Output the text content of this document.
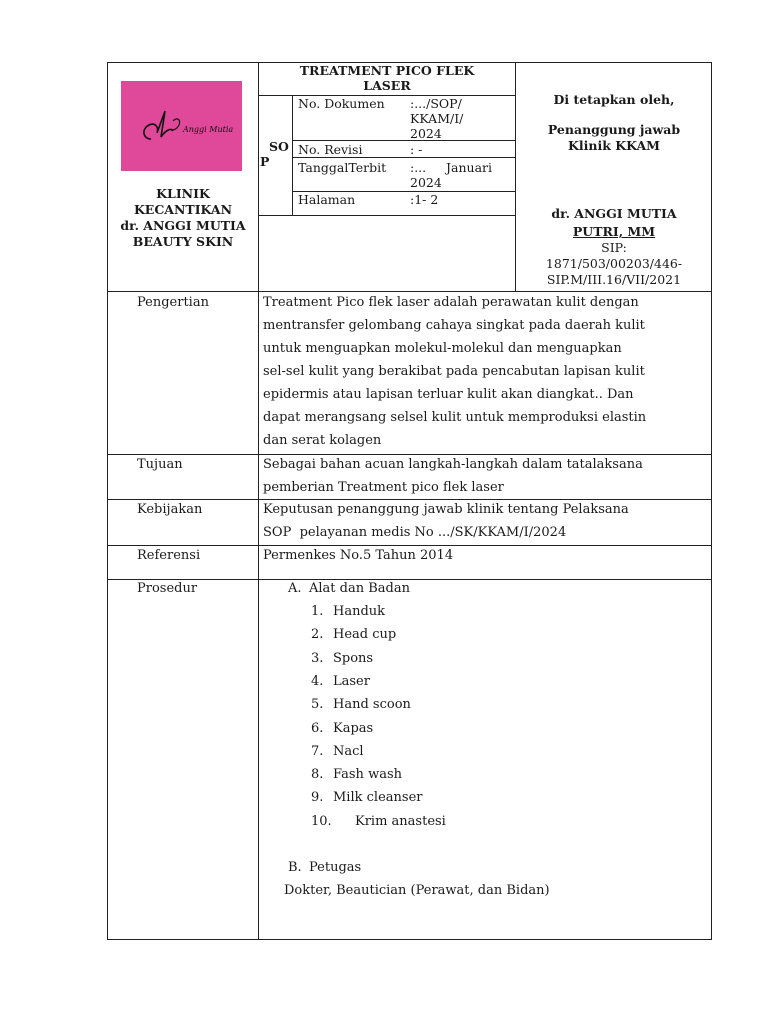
Anggi Mutia
KLINIK
KECANTIKAN
dr. ANGGI MUTIA
BEAUTY SKIN
TREATMENT PICO FLEK
LASER
SO
P
No. Dokumen :.../SOP/
KKAM/I/
2024
No. Revisi	: -
TanggalTerbit :...     Januari
2024
Halaman	:1- 2
Di tetapkan oleh,
Penanggung jawab
Klinik KKAM
dr. ANGGI MUTIA
PUTRI, MM
SIP:
1871/503/00203/446-
SIP.M/III.16/VII/2021
Pengertian	Treatment Pico flek laser adalah perawatan kulit dengan
mentransfer gelombang cahaya singkat pada daerah kulit
untuk menguapkan molekul-molekul dan menguapkan
sel-sel kulit yang berakibat pada pencabutan lapisan kulit
epidermis atau lapisan terluar kulit akan diangkat.. Dan
dapat merangsang selsel kulit untuk memproduksi elastin
dan serat kolagen
Tujuan	Sebagai bahan acuan langkah-langkah dalam tatalaksana
pemberian Treatment pico flek laser
Kebijakan	Keputusan penanggung jawab klinik tentang Pelaksana
SOP  pelayanan medis No .../SK/KKAM/I/2024
Referensi	Permenkes No.5 Tahun 2014
Prosedur	A. Alat dan Badan
1. Handuk
2. Head cup
3. Spons
4. Laser
5. Hand scoon
6. Kapas
7. Nacl
8. Fash wash
9. Milk cleanser
10. Krim anastesi
B. Petugas
Dokter, Beautician (Perawat, dan Bidan)
